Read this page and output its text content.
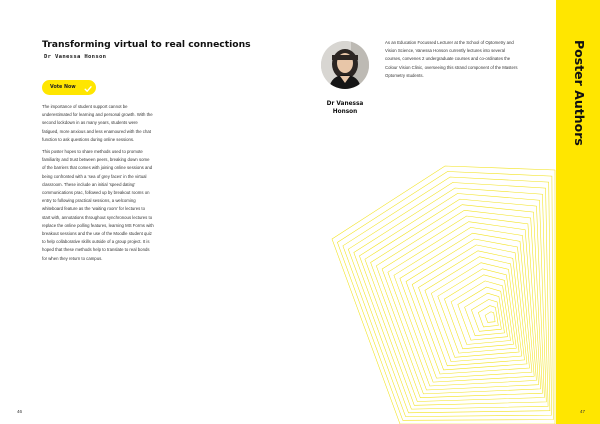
Transforming virtual to real connections
Dr Vanessa Honson
Vote Now

The importance of student support cannot be underestimated for learning and personal growth. With the second lockdown in as many years, students were fatigued, more anxious and less enamoured with the chat function to ask questions during online sessions.

This poster hopes to share methods used to promote familiarity and trust between peers, breaking down some of the barriers that comes with joining online sessions and being confronted with a ‘sea of grey faces’ in the virtual classroom. These include an initial ‘speed dating’ communications prac, followed up by breakout rooms on entry to following practical sessions, a welcoming whiteboard feature as the ‘waiting room’ for lectures to start with, annotations throughout synchronous lectures to replace the online polling features, learning MS Forms with breakout sessions and the use of the Moodle student quiz to help collaborative skills outside of a group project. It is hoped that these methods help to translate to real bonds for when they return to campus.

Dr Vanessa Honson
As an Education Focussed Lecturer at the School of Optometry and Vision Science, Vanessa Honson currently lectures into several courses, convenes 2 undergraduate courses and co-ordinates the Colour Vision Clinic, overseeing this strand component of the Masters Optometry students.	Poster Authors
46	47
